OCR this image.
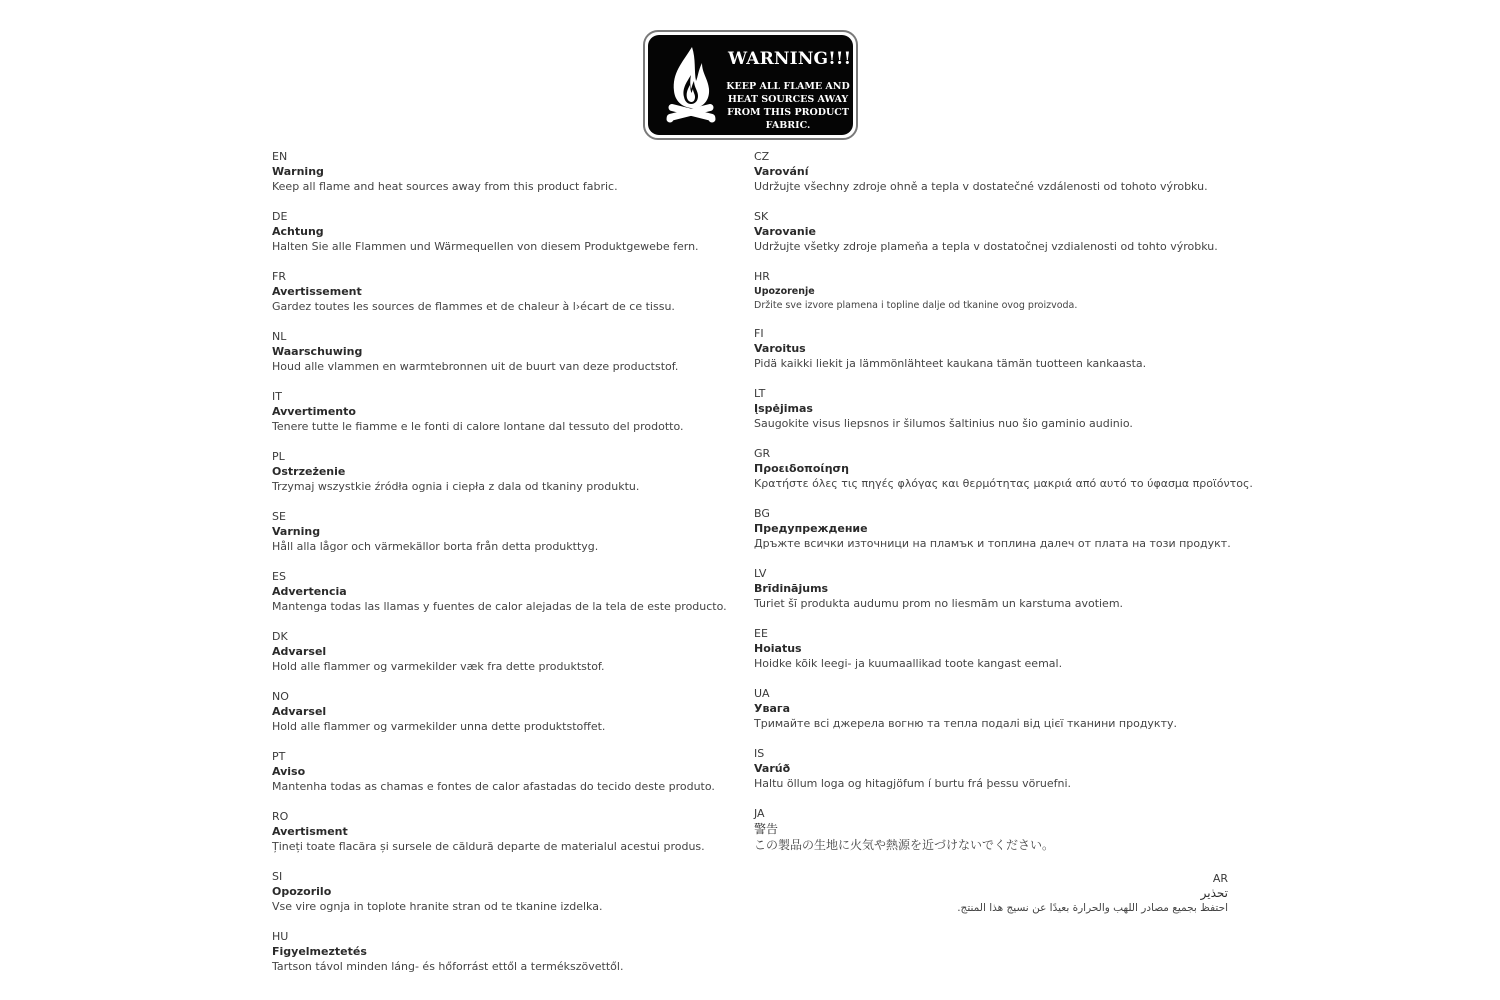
WARNING!!!
KEEP ALL FLAME AND
HEAT SOURCES AWAY
FROM THIS PRODUCT
FABRIC.
EN
Warning
Keep all flame and heat sources away from this product fabric.
DE
Achtung
Halten Sie alle Flammen und Wärmequellen von diesem Produktgewebe fern.
FR
Avertissement
Gardez toutes les sources de flammes et de chaleur à l›écart de ce tissu.
NL
Waarschuwing
Houd alle vlammen en warmtebronnen uit de buurt van deze productstof.
IT
Avvertimento
Tenere tutte le fiamme e le fonti di calore lontane dal tessuto del prodotto.
PL
Ostrzeżenie
Trzymaj wszystkie źródła ognia i ciepła z dala od tkaniny produktu.
SE
Varning
Håll alla lågor och värmekällor borta från detta produkttyg.
ES
Advertencia
Mantenga todas las llamas y fuentes de calor alejadas de la tela de este producto.
DK
Advarsel
Hold alle flammer og varmekilder væk fra dette produktstof.
NO
Advarsel
Hold alle flammer og varmekilder unna dette produktstoffet.
PT
Aviso
Mantenha todas as chamas e fontes de calor afastadas do tecido deste produto.
RO
Avertisment
Țineți toate flacăra și sursele de căldură departe de materialul acestui produs.
SI
Opozorilo
Vse vire ognja in toplote hranite stran od te tkanine izdelka.
HU
Figyelmeztetés
Tartson távol minden láng- és hőforrást ettől a termékszövettől.
CZ
Varování
Udržujte všechny zdroje ohně a tepla v dostatečné vzdálenosti od tohoto výrobku.
SK
Varovanie
Udržujte všetky zdroje plameňa a tepla v dostatočnej vzdialenosti od tohto výrobku.
HR
Upozorenje
Držite sve izvore plamena i topline dalje od tkanine ovog proizvoda.
FI
Varoitus
Pidä kaikki liekit ja lämmönlähteet kaukana tämän tuotteen kankaasta.
LT
Įspėjimas
Saugokite visus liepsnos ir šilumos šaltinius nuo šio gaminio audinio.
GR
Προειδοποίηση
Κρατήστε όλες τις πηγές φλόγας και θερμότητας μακριά από αυτό το ύφασμα προϊόντος.
BG
Предупреждение
Дръжте всички източници на пламък и топлина далеч от плата на този продукт.
LV
Brīdinājums
Turiet šī produkta audumu prom no liesmām un karstuma avotiem.
EE
Hoiatus
Hoidke kõik leegi- ja kuumaallikad toote kangast eemal.
UA
Увага
Тримайте всі джерела вогню та тепла подалі від цієї тканини продукту.
IS
Varúð
Haltu öllum loga og hitagjöfum í burtu frá þessu vöruefni.
JA
警告
この製品の生地に火気や熱源を近づけないでください。
AR
تحذير
احتفظ بجميع مصادر اللهب والحرارة بعيدًا عن نسيج هذا المنتج.
